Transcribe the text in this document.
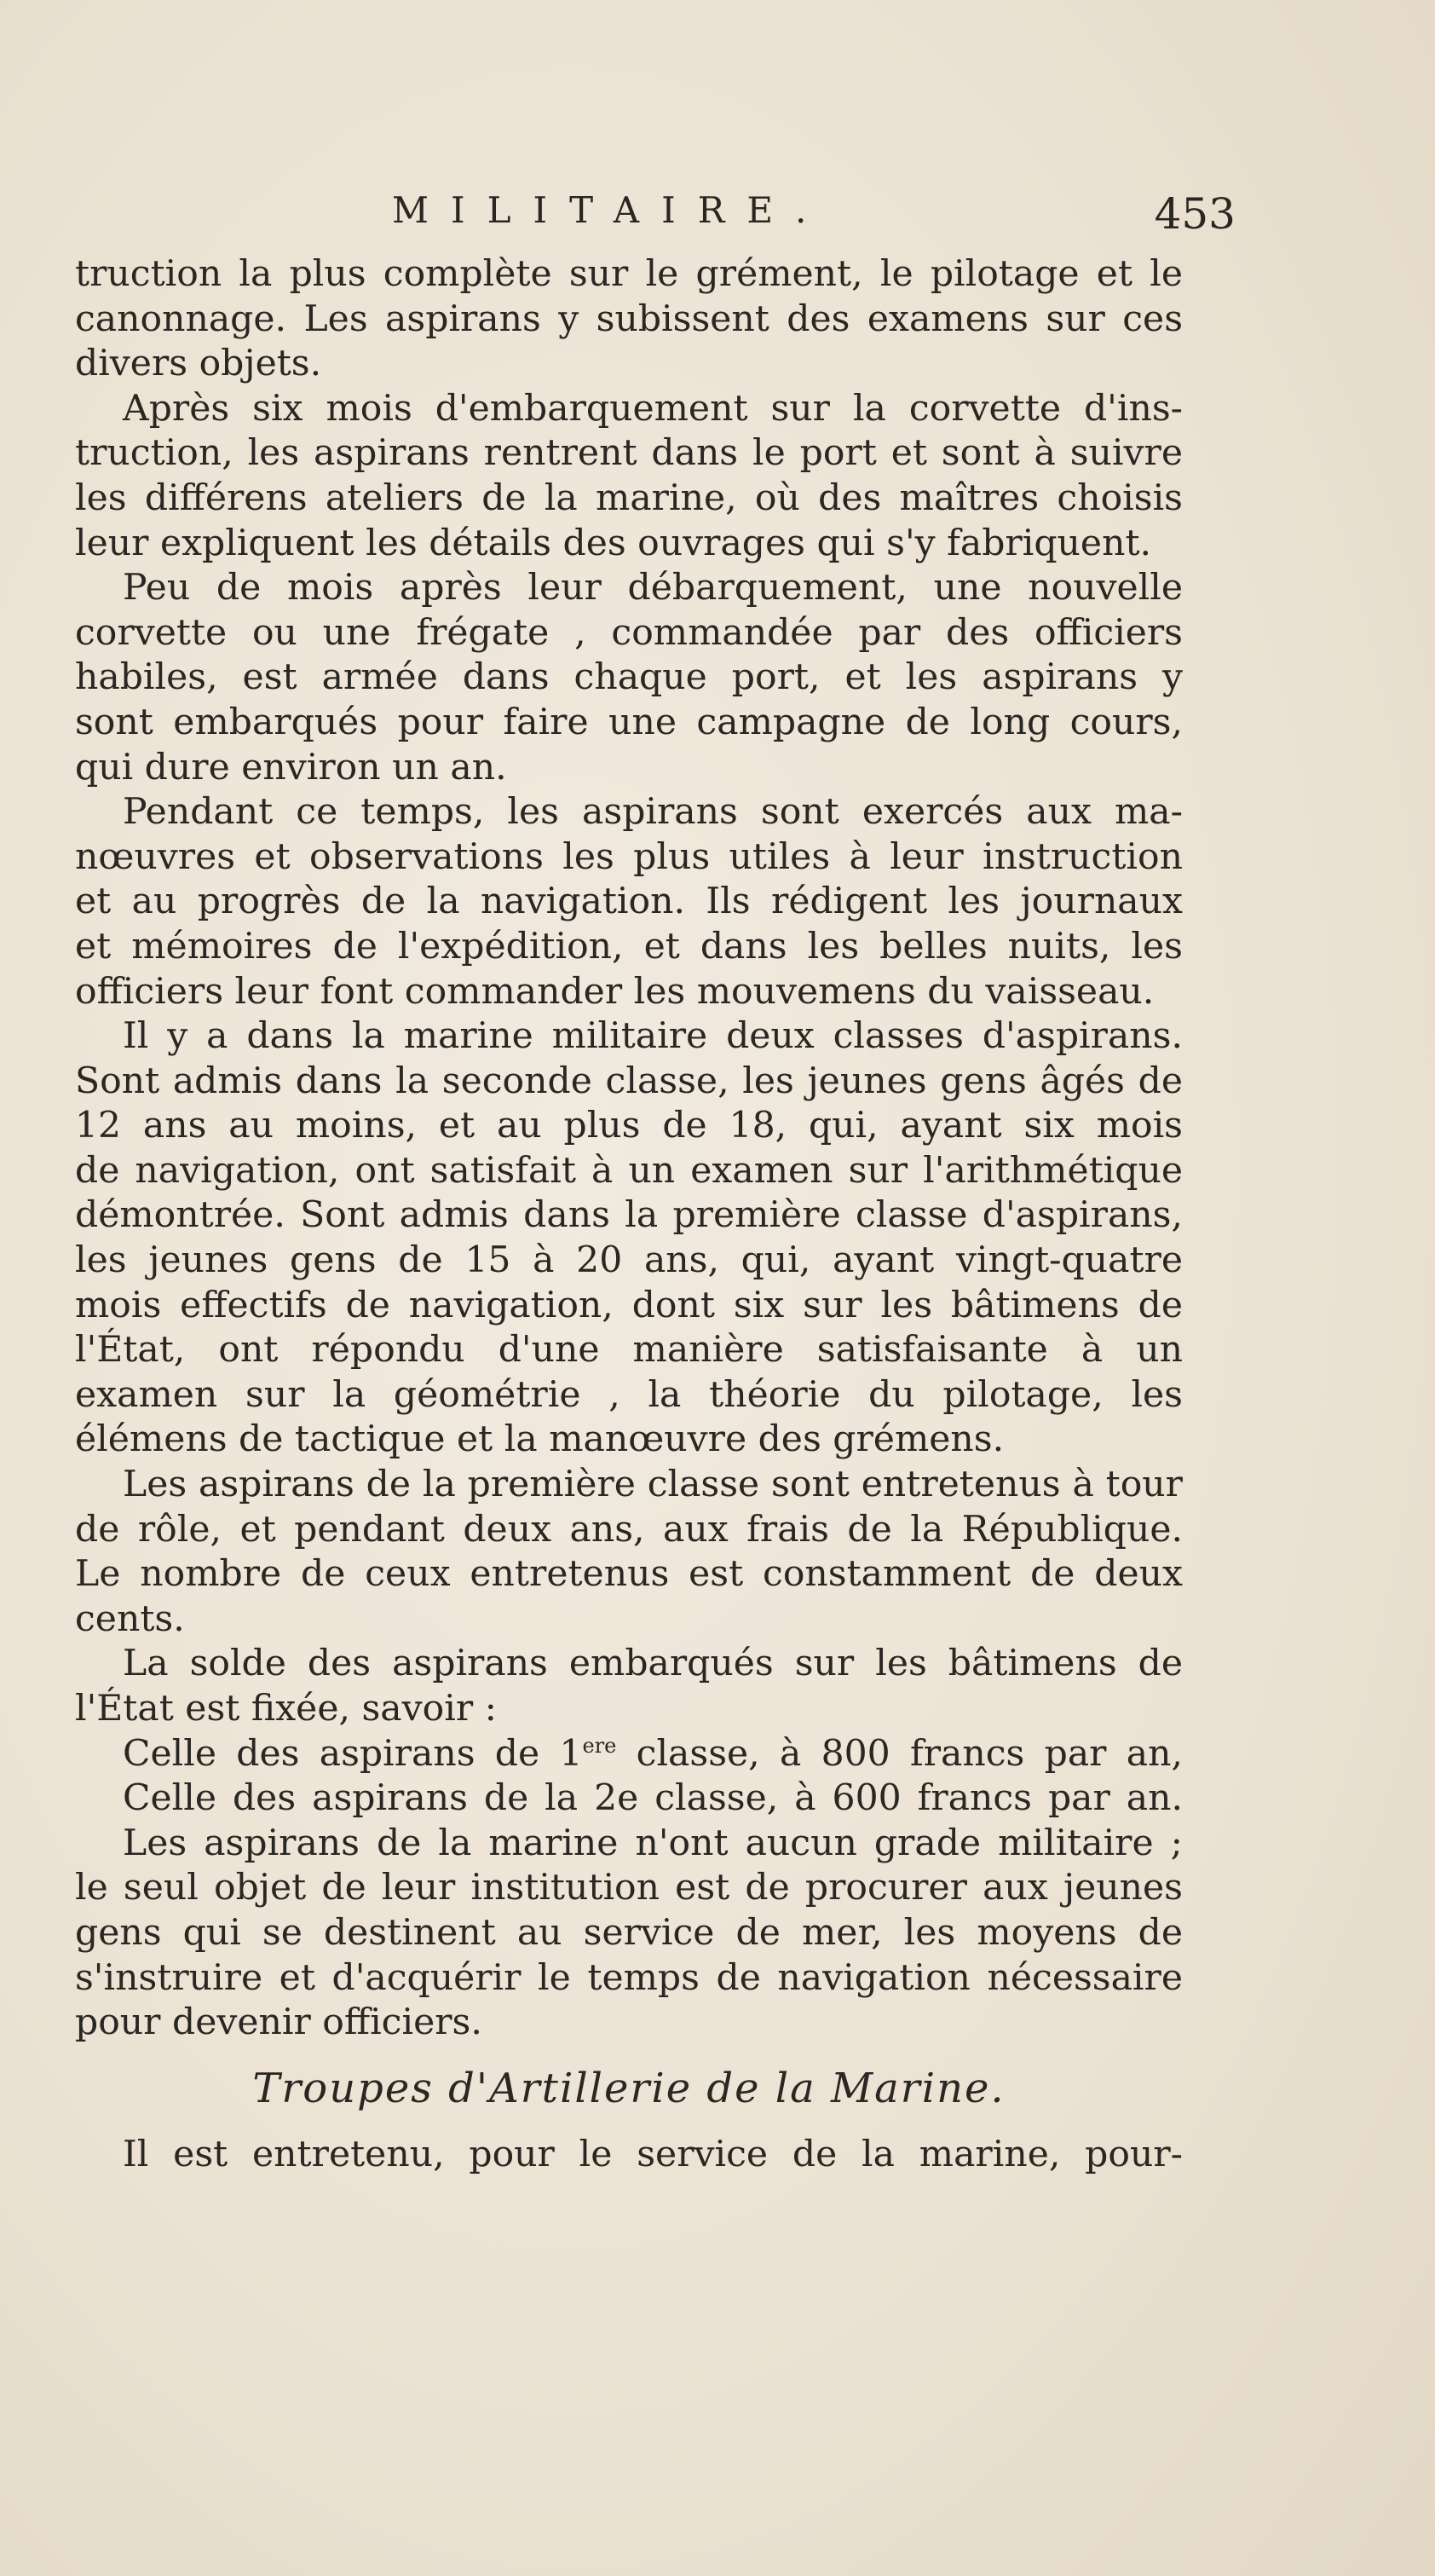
MILITAIRE.	453
truction la plus complète sur le grément, le pilotage et le
canonnage. Les aspirans y subissent des examens sur ces
divers objets.
Après six mois d'embarquement sur la corvette d'ins-
truction, les aspirans rentrent dans le port et sont à suivre
les différens ateliers de la marine, où des maîtres choisis
leur expliquent les détails des ouvrages qui s'y fabriquent.
Peu de mois après leur débarquement, une nouvelle
corvette ou une frégate , commandée par des officiers
habiles, est armée dans chaque port, et les aspirans y
sont embarqués pour faire une campagne de long cours,
qui dure environ un an.
Pendant ce temps, les aspirans sont exercés aux ma-
nœuvres et observations les plus utiles à leur instruction
et au progrès de la navigation. Ils rédigent les journaux
et mémoires de l'expédition, et dans les belles nuits, les
officiers leur font commander les mouvemens du vaisseau.
Il y a dans la marine militaire deux classes d'aspirans.
Sont admis dans la seconde classe, les jeunes gens âgés de
12 ans au moins, et au plus de 18, qui, ayant six mois
de navigation, ont satisfait à un examen sur l'arithmétique
démontrée. Sont admis dans la première classe d'aspirans,
les jeunes gens de 15 à 20 ans, qui, ayant vingt-quatre
mois effectifs de navigation, dont six sur les bâtimens de
l'État, ont répondu d'une manière satisfaisante à un
examen sur la géométrie , la théorie du pilotage, les
élémens de tactique et la manœuvre des grémens.
Les aspirans de la première classe sont entretenus à tour
de rôle, et pendant deux ans, aux frais de la République.
Le nombre de ceux entretenus est constamment de deux
cents.
La solde des aspirans embarqués sur les bâtimens de
l'État est fixée, savoir :
Celle des aspirans de 1ere classe, à 800 francs par an,
Celle des aspirans de la 2e classe, à 600 francs par an.
Les aspirans de la marine n'ont aucun grade militaire ;
le seul objet de leur institution est de procurer aux jeunes
gens qui se destinent au service de mer, les moyens de
s'instruire et d'acquérir le temps de navigation nécessaire
pour devenir officiers.
Troupes d'Artillerie de la Marine.
Il est entretenu, pour le service de la marine, pour-
